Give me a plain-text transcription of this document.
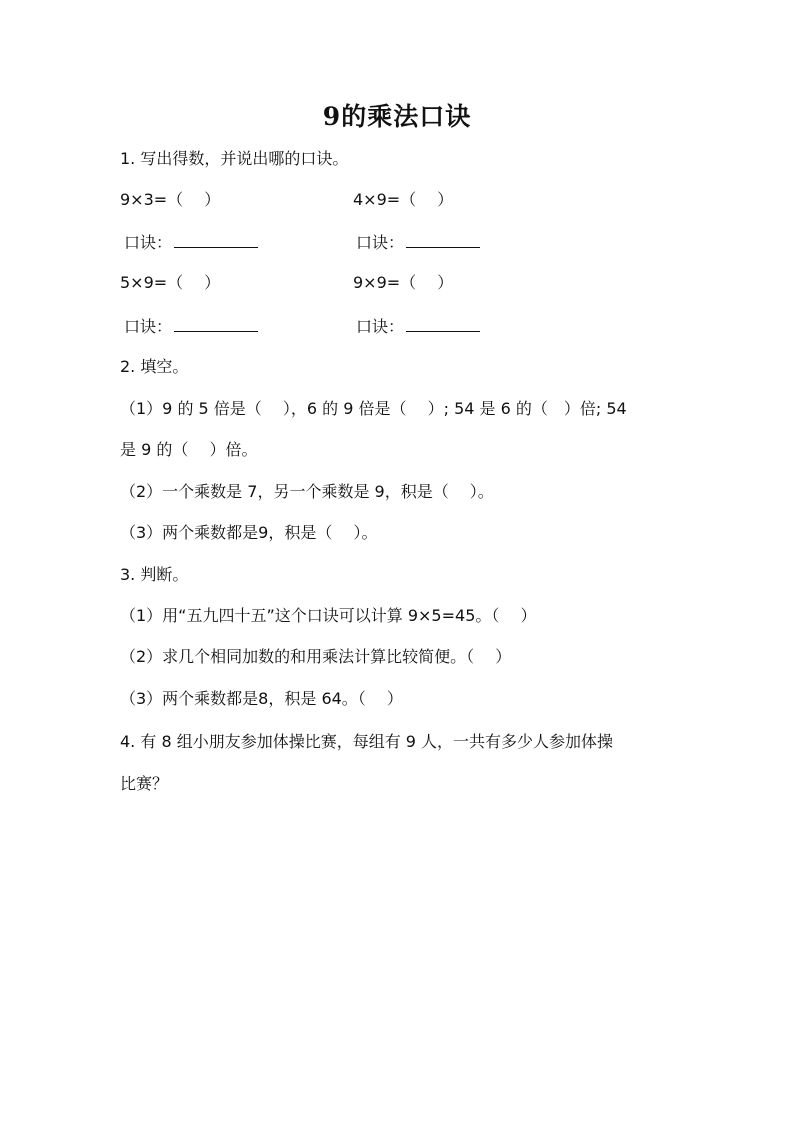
9的乘法口诀
1. 写出得数，并说出哪的口诀。
9×3=（　 ）	4×9=（　 ）
口诀：	口诀：
5×9=（　 ）	9×9=（　 ）
口诀：	口诀：
2. 填空。
（1）9 的 5 倍是（　 ），6 的 9 倍是（　 ）; 54 是 6 的（　）倍; 54
是 9 的（　 ）倍。
（2）一个乘数是 7，另一个乘数是 9，积是（　 ）。
（3）两个乘数都是9，积是（　 ）。
3. 判断。
（1）用“五九四十五”这个口诀可以计算 9×5=45。（　 ）
（2）求几个相同加数的和用乘法计算比较简便。（　 ）
（3）两个乘数都是8，积是 64。（　 ）
4. 有 8 组小朋友参加体操比赛，每组有 9 人，一共有多少人参加体操
比赛？
